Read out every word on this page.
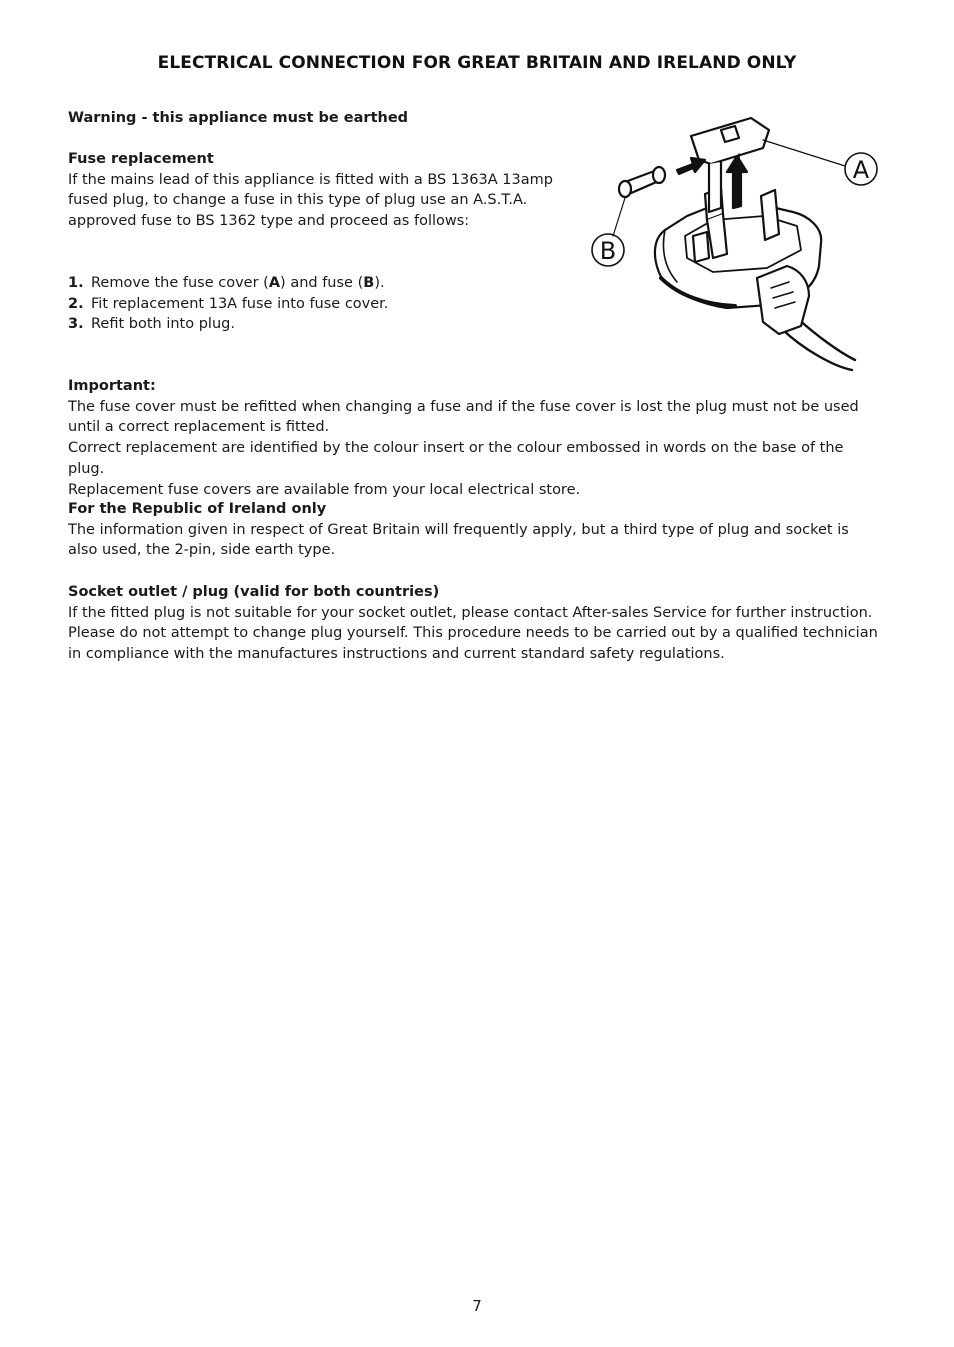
ELECTRICAL CONNECTION FOR GREAT BRITAIN AND IRELAND ONLY
Warning - this appliance must be earthed

Fuse replacement

If the mains lead of this appliance is fitted with a BS 1363A 13amp fused plug, to change a fuse in this type of plug use an A.S.T.A. approved fuse to BS 1362 type and proceed as follows:

1. Remove the fuse cover (A) and fuse (B).
2. Fit replacement 13A fuse into fuse cover.
3. Refit both into plug.

Important:

The fuse cover must be refitted when changing a fuse and if the fuse cover is lost the plug must not be used until a correct replacement is fitted.

Correct replacement are identified by the colour insert or the colour embossed in words on the base of the plug.

Replacement fuse covers are available from your local electrical store.

For the Republic of Ireland only

The information given in respect of Great Britain will frequently apply, but a third type of plug and socket is also used, the 2-pin, side earth type.

Socket outlet / plug (valid for both countries)

If the fitted plug is not suitable for your socket outlet, please contact After-sales Service for further instruction.

Please do not attempt to change plug yourself. This procedure needs to be carried out by a qualified technician in compliance with the manufactures instructions and current standard safety regulations.

A
B
7
